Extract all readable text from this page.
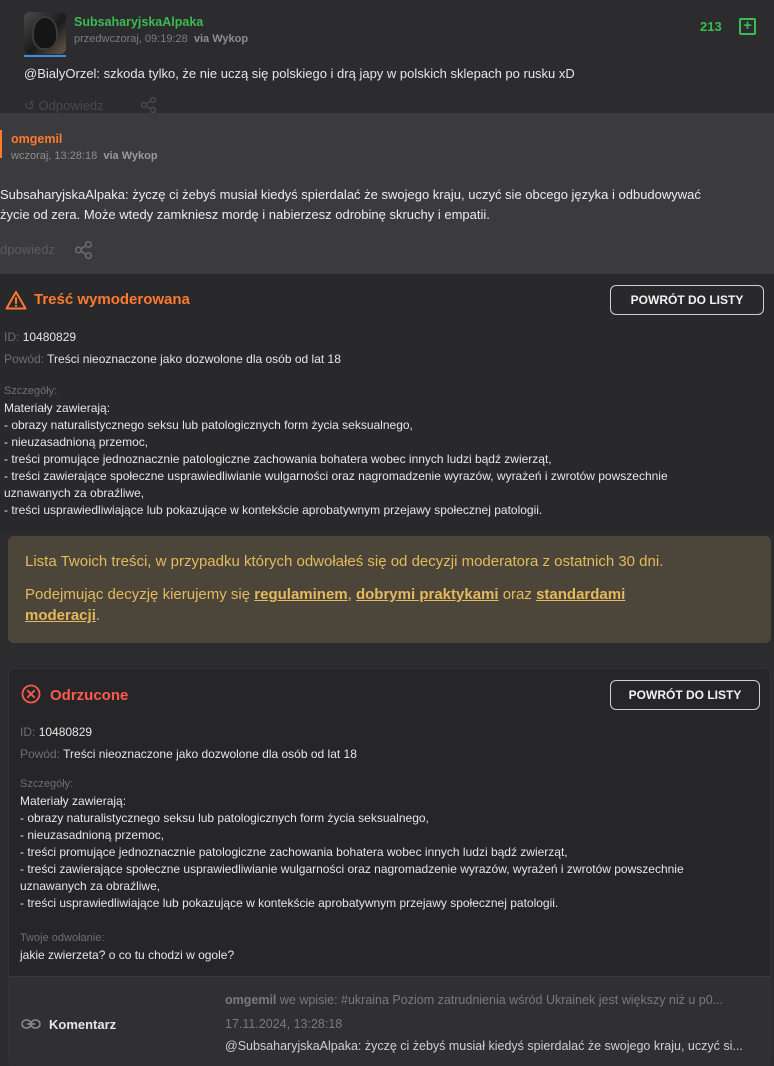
SubsaharyjskaAlpaka
przedwczoraj, 09:19:28 via Wykop
213 +
@BialyOrzel: szkoda tylko, że nie uczą się polskiego i drą japy w polskich sklepach po rusku xD
↺ Odpowiedz
omgemil
wczoraj, 13:28:18 via Wykop
SubsaharyjskaAlpaka: życzę ci żebyś musiał kiedyś spierdalać że swojego kraju, uczyć sie obcego języka i odbudowywać
życie od zera. Może wtedy zamkniesz mordę i nabierzesz odrobinę skruchy i empatii.
dpowiedz
Treść wymoderowana	POWRÓT DO LISTY
ID: 10480829
Powód: Treści nieoznaczone jako dozwolone dla osób od lat 18
Szczegóły:
Materiały zawierają:
- obrazy naturalistycznego seksu lub patologicznych form życia seksualnego,
- nieuzasadnioną przemoc,
- treści promujące jednoznacznie patologiczne zachowania bohatera wobec innych ludzi bądź zwierząt,
- treści zawierające społeczne usprawiedliwianie wulgarności oraz nagromadzenie wyrazów, wyrażeń i zwrotów powszechnie
uznawanych za obraźliwe,
- treści usprawiedliwiające lub pokazujące w kontekście aprobatywnym przejawy społecznej patologii.

Lista Twoich treści, w przypadku których odwołałeś się od decyzji moderatora z ostatnich 30 dni.

Podejmując decyzję kierujemy się regulaminem, dobrymi praktykami oraz standardami
moderacji.

Odrzucone	POWRÓT DO LISTY
ID: 10480829
Powód: Treści nieoznaczone jako dozwolone dla osób od lat 18
Szczegóły:
Materiały zawierają:
- obrazy naturalistycznego seksu lub patologicznych form życia seksualnego,
- nieuzasadnioną przemoc,
- treści promujące jednoznacznie patologiczne zachowania bohatera wobec innych ludzi bądź zwierząt,
- treści zawierające społeczne usprawiedliwianie wulgarności oraz nagromadzenie wyrazów, wyrażeń i zwrotów powszechnie
uznawanych za obraźliwe,
- treści usprawiedliwiające lub pokazujące w kontekście aprobatywnym przejawy społecznej patologii.
Twoje odwołanie:
jakie zwierzeta? o co tu chodzi w ogole?
Komentarz
omgemil we wpisie: #ukraina Poziom zatrudnienia wśród Ukrainek jest większy niż u p0...
17.11.2024, 13:28:18
@SubsaharyjskaAlpaka: życzę ci żebyś musiał kiedyś spierdalać że swojego kraju, uczyć si...
